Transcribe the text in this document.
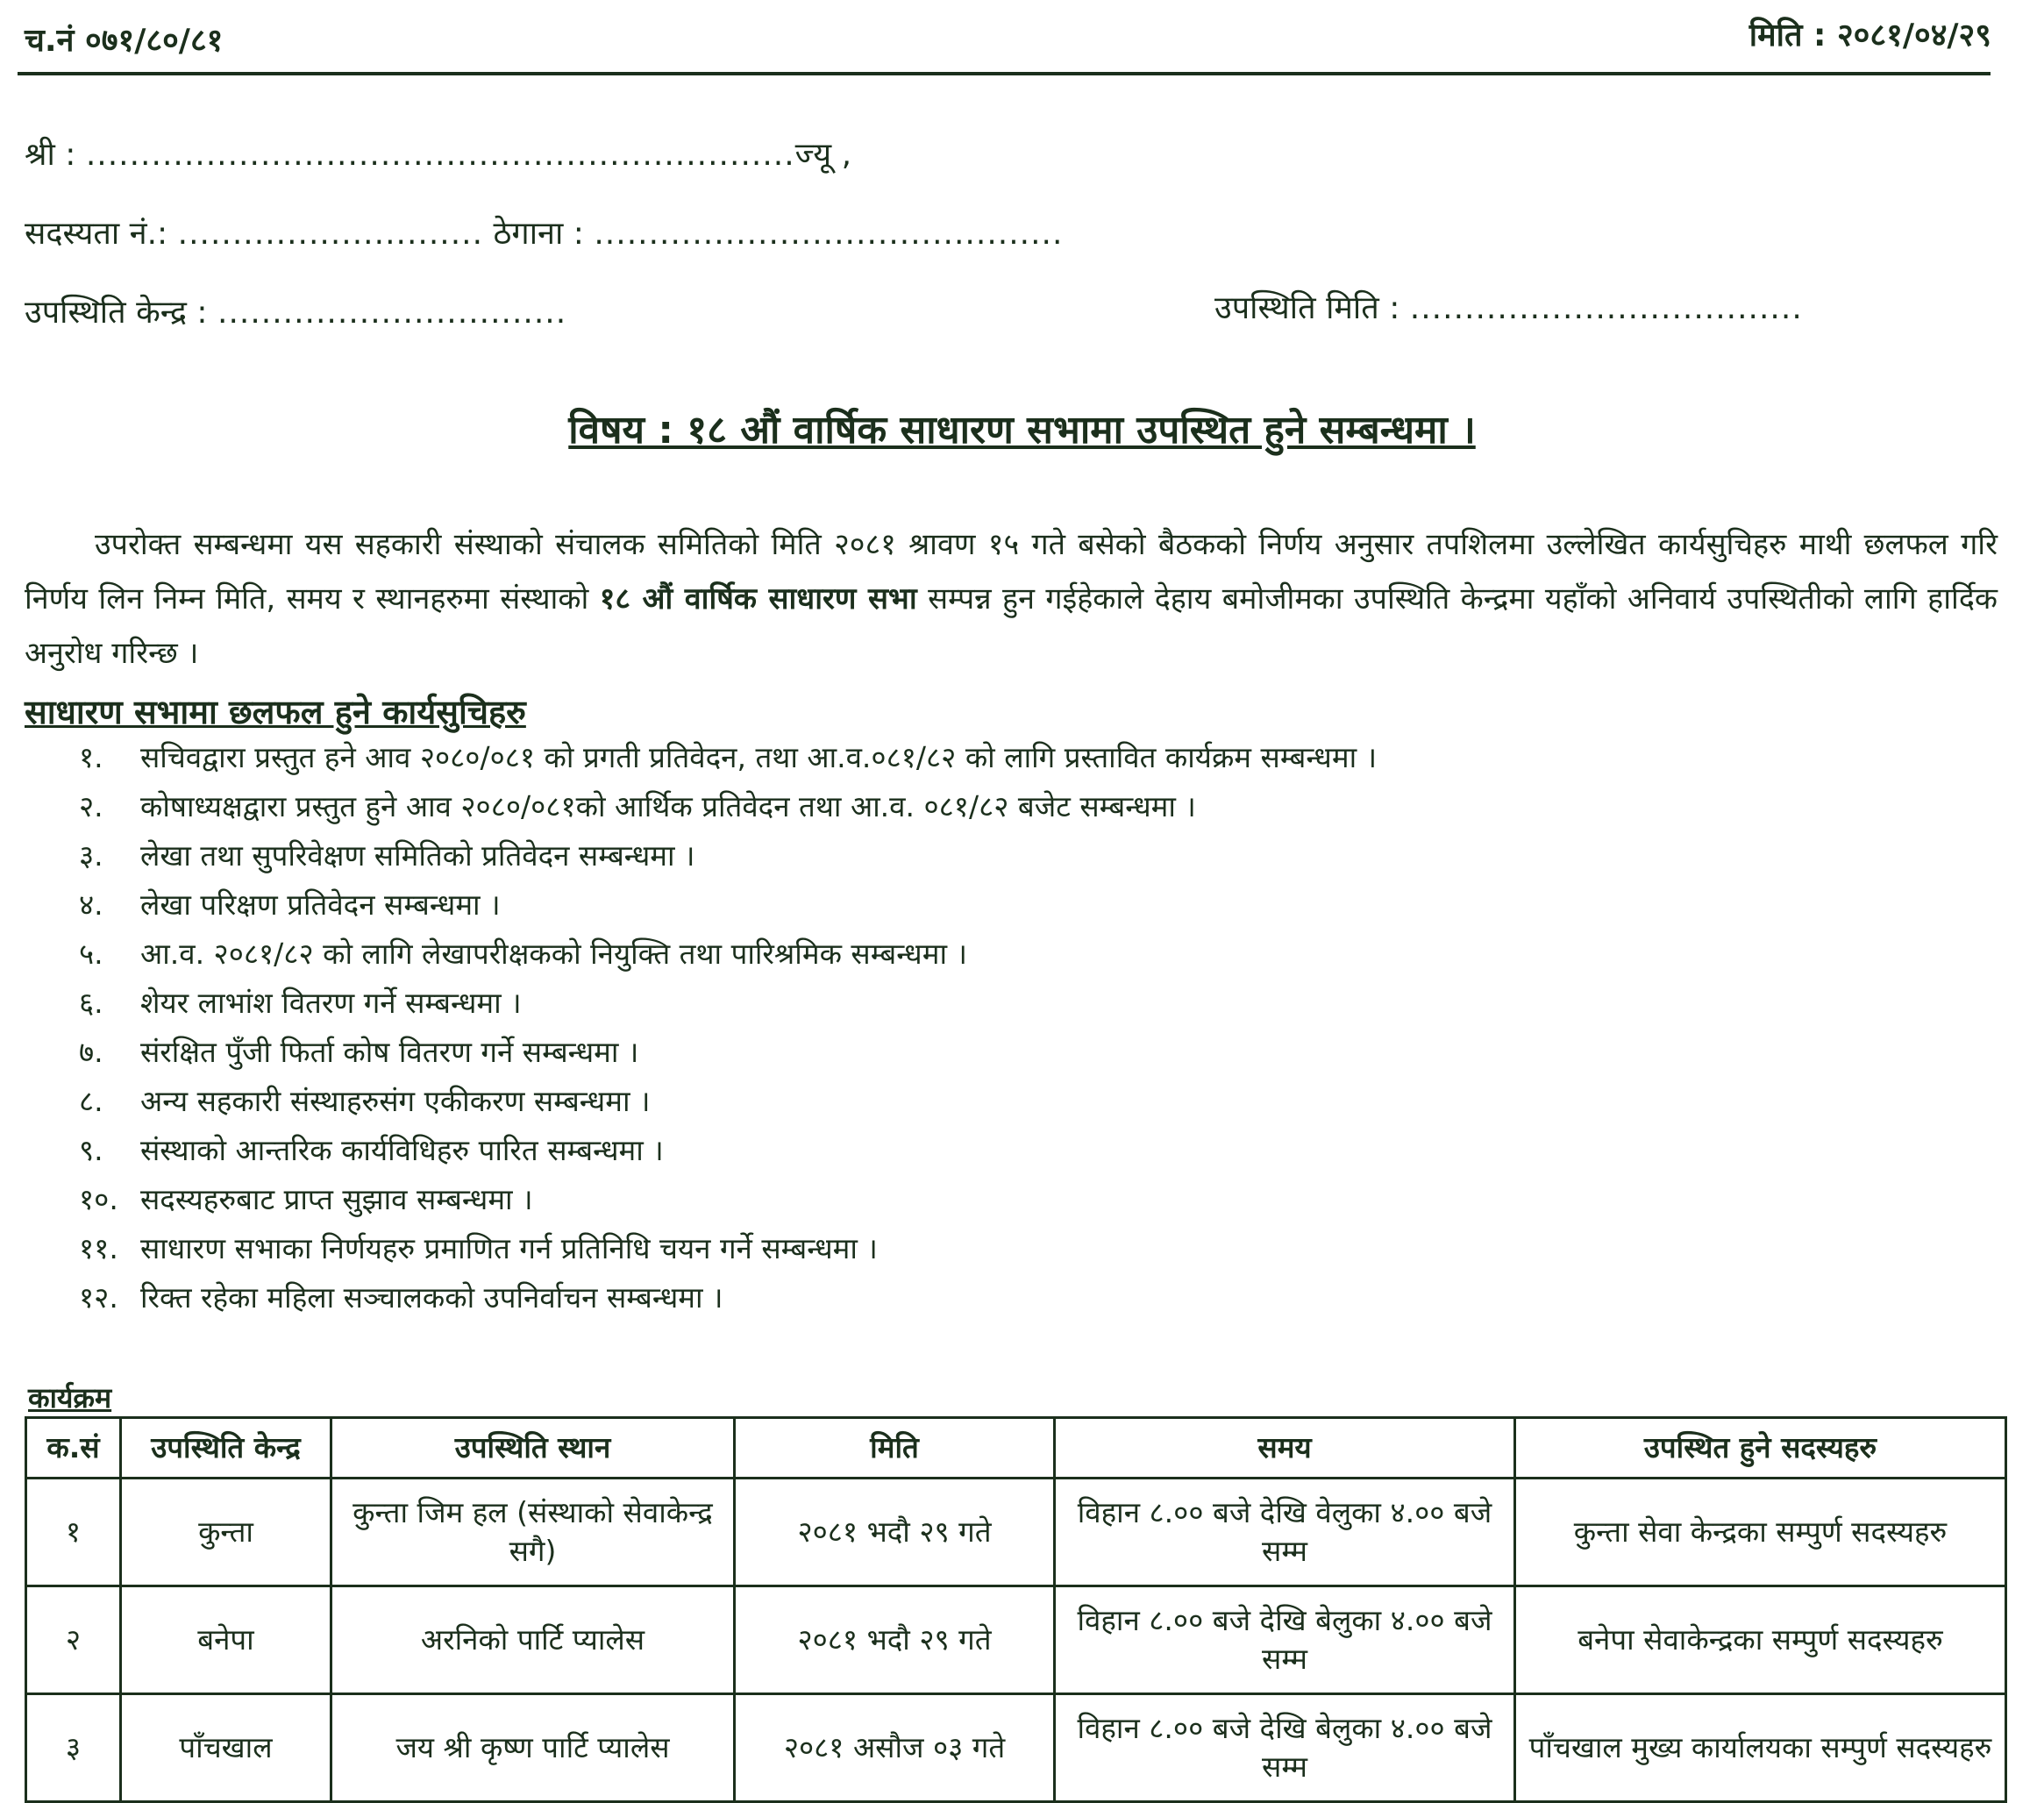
च.नं ०७१/८०/८१	मिति : २०८१/०४/२९
श्री : .................................................................ज्यू ,
सदस्यता नं.: ............................ ठेगाना : ...........................................
उपस्थिति केन्द्र : ................................	उपस्थिति मिति : ....................................
विषय : १८ औं वार्षिक साधारण सभामा उपस्थित हुने सम्बन्धमा ।
उपरोक्त सम्बन्धमा यस सहकारी संस्थाको संचालक समितिको मिति २०८१ श्रावण १५ गते बसेको बैठकको निर्णय अनुसार तपशिलमा उल्लेखित कार्यसुचिहरु माथी छलफल गरि निर्णय लिन निम्न मिति, समय र स्थानहरुमा संस्थाको १८ औं वार्षिक साधारण सभा सम्पन्न हुन गईहेकाले देहाय बमोजीमका उपस्थिति केन्द्रमा यहाँको अनिवार्य उपस्थितीको लागि हार्दिक अनुरोध गरिन्छ ।
साधारण सभामा छलफल हुने कार्यसुचिहरु
१. सचिवद्वारा प्रस्तुत हने आव २०८०/०८१ को प्रगती प्रतिवेदन, तथा आ.व.०८१/८२ को लागि प्रस्तावित कार्यक्रम सम्बन्धमा ।
२. कोषाध्यक्षद्वारा प्रस्तुत हुने आव २०८०/०८१को आर्थिक प्रतिवेदन तथा आ.व. ०८१/८२ बजेट सम्बन्धमा ।
३. लेखा तथा सुपरिवेक्षण समितिको प्रतिवेदन सम्बन्धमा ।
४. लेखा परिक्षण प्रतिवेदन सम्बन्धमा ।
५. आ.व. २०८१/८२ को लागि लेखापरीक्षकको नियुक्ति तथा पारिश्रमिक सम्बन्धमा ।
६. शेयर लाभांश वितरण गर्ने सम्बन्धमा ।
७. संरक्षित पुँजी फिर्ता कोष वितरण गर्ने सम्बन्धमा ।
८. अन्य सहकारी संस्थाहरुसंग एकीकरण सम्बन्धमा ।
९. संस्थाको आन्तरिक कार्यविधिहरु पारित सम्बन्धमा ।
१०. सदस्यहरुबाट प्राप्त सुझाव सम्बन्धमा ।
११. साधारण सभाका निर्णयहरु प्रमाणित गर्न प्रतिनिधि चयन गर्ने सम्बन्धमा ।
१२. रिक्त रहेका महिला सञ्चालकको उपनिर्वाचन सम्बन्धमा ।
कार्यक्रम
क.सं	उपस्थिति केन्द्र	उपस्थिति स्थान	मिति	समय	उपस्थित हुने सदस्यहरु
१	कुन्ता	कुन्ता जिम हल (संस्थाको सेवाकेन्द्र सगै)	२०८१ भदौ २९ गते	विहान ८.०० बजे देखि वेलुका ४.०० बजे सम्म	कुन्ता सेवा केन्द्रका सम्पुर्ण सदस्यहरु
२	बनेपा	अरनिको पार्टि प्यालेस	२०८१ भदौ २९ गते	विहान ८.०० बजे देखि बेलुका ४.०० बजे सम्म	बनेपा सेवाकेन्द्रका सम्पुर्ण सदस्यहरु
३	पाँचखाल	जय श्री कृष्ण पार्टि प्यालेस	२०८१ असौज ०३ गते	विहान ८.०० बजे देखि बेलुका ४.०० बजे सम्म	पाँचखाल मुख्य कार्यालयका सम्पुर्ण सदस्यहरु
